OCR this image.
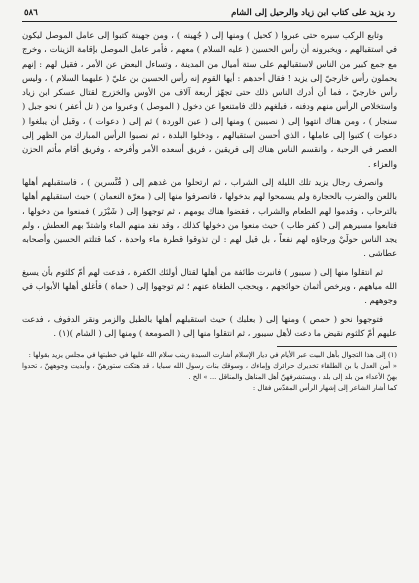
رد يزيد على كتاب ابن زياد والرحيل إلى الشام
٥٨٦

وتابع الركب سيره حتى عبروا ( كحيل ) ومنها إلى ( جُهينه ) ، ومن جهينة كتبوا إلى عامل الموصل ليكون في استقبالهم ، ويخبرونه أن رأس الحسين ( عليه السلام ) معهم ، فأمر عامل الموصل بإقامة الزينات ، وخرج مع جمع كبير من الناس لاستقبالهم على ستة أميال من المدينة ، وتساءل البعض عن الأمر ، فقيل لهم : إنهم يحملون رأس خارجيّ إلى يزيد ! فقال أحدهم : أيها القوم إنه رأس الحسين بن عليّ ( عليهما السلام ) ، وليس رأس خارجيّ ، فما أن أدرك الناس ذلك حتى تجهّز أربعة آلاف من الأوس والخزرج لقتال عسكر ابن زياد واستخلاص الرأس منهم ودفنه ، فبلغهم ذلك فامتنعوا عن دخول ( الموصل ) وعبروا من ( تل أعفر ) نحو جبل ( سنجار ) ، ومن هناك انتهوا إلى ( نصيبين ) ومنها إلى ( عين الوردة ) ثم إلى ( دعوات ) ، وقبل أن يبلغوا ( دعوات ) كتبوا إلى عاملها ، الذي أحسن استقبالهم ، ودخلوا البلدة ، ثم نصبوا الرأس المبارك من الظهر إلى العصر في الرحبة ، وانقسم الناس هناك إلى فريقين ، فريق أسعده الأمر وأفرحه ، وفريق أقام مأتم الحزن والعزاء .

وانصرف رجال يزيد تلك الليلة إلى الشراب ، ثم ارتحلوا من غدهم إلى ( قُنَّسرين ) ، فاستقبلهم أهلها باللعن والضرب بالحجارة ولم يسمحوا لهم بدخولها ، فانصرفوا منها إلى ( معرّة النعمان ) حيث استقبلهم أهلها بالترحاب ، وقدموا لهم الطعام والشراب ، فقضوا هناك يومهم ، ثم توجهوا إلى ( شَيْزَر ) فمنعوا من دخولها ، فتابعوا مسيرهم إلى ( كفر طاب ) حيث منعوا من دخولها كذلك ، وقد نفد منهم الماء واشتدّ بهم العطش ، ولم يجد الناس حولَيْ ورجاؤه لهم نفعاً ، بل قيل لهم : لن تذوقوا قطرة ماء واحدة ، كما قتلتم الحسين وأصحابه عطاشى .

ثم انتقلوا منها إلى ( سيبور ) فانبرت طائفة من أهلها لقتال أولئك الكفرة ، فدعت لهم أمّ كلثوم بأن يسيغ الله مياههم ، ويرخص أثمان حوائجهم ، ويحجب الطغاة عنهم ؛ ثم توجهوا إلى ( حماة ) فأغلق أهلها الأبواب في وجوههم .

فتوجهوا نحو ( حمص ) ومنها إلى ( بعلبك ) حيث استقبلهم أهلها بالطبل والزمر ونقر الدفوف ، فدعت عليهم أمّ كلثوم نقيض ما دعت لأهل سيبور ، ثم انتقلوا منها إلى ( الصومعة ) ومنها إلى ( الشام )(١) .

(١) إلى هذا التجوال بأهل البيت عبر الأيام في ديار الإسلام أشارت السيدة زينب سلام الله عليها في خطبتها في مجلس يزيد بقولها :

« أمن العدل يا بن الطلقاء تخديرك حرائرك وإماءك ، وسوقك بنات رسول الله سبايا ، قد هتكت ستورهنّ ، وأبديت وجوههنّ ، تحدوا بهنّ الأعداء من بلد إلى بلد ، ويستشرفهنّ أهل المناهل والمناقل ... » الخ .

كما أشار الشاعر إلى إشهار الرأس المقدّس فقال :
